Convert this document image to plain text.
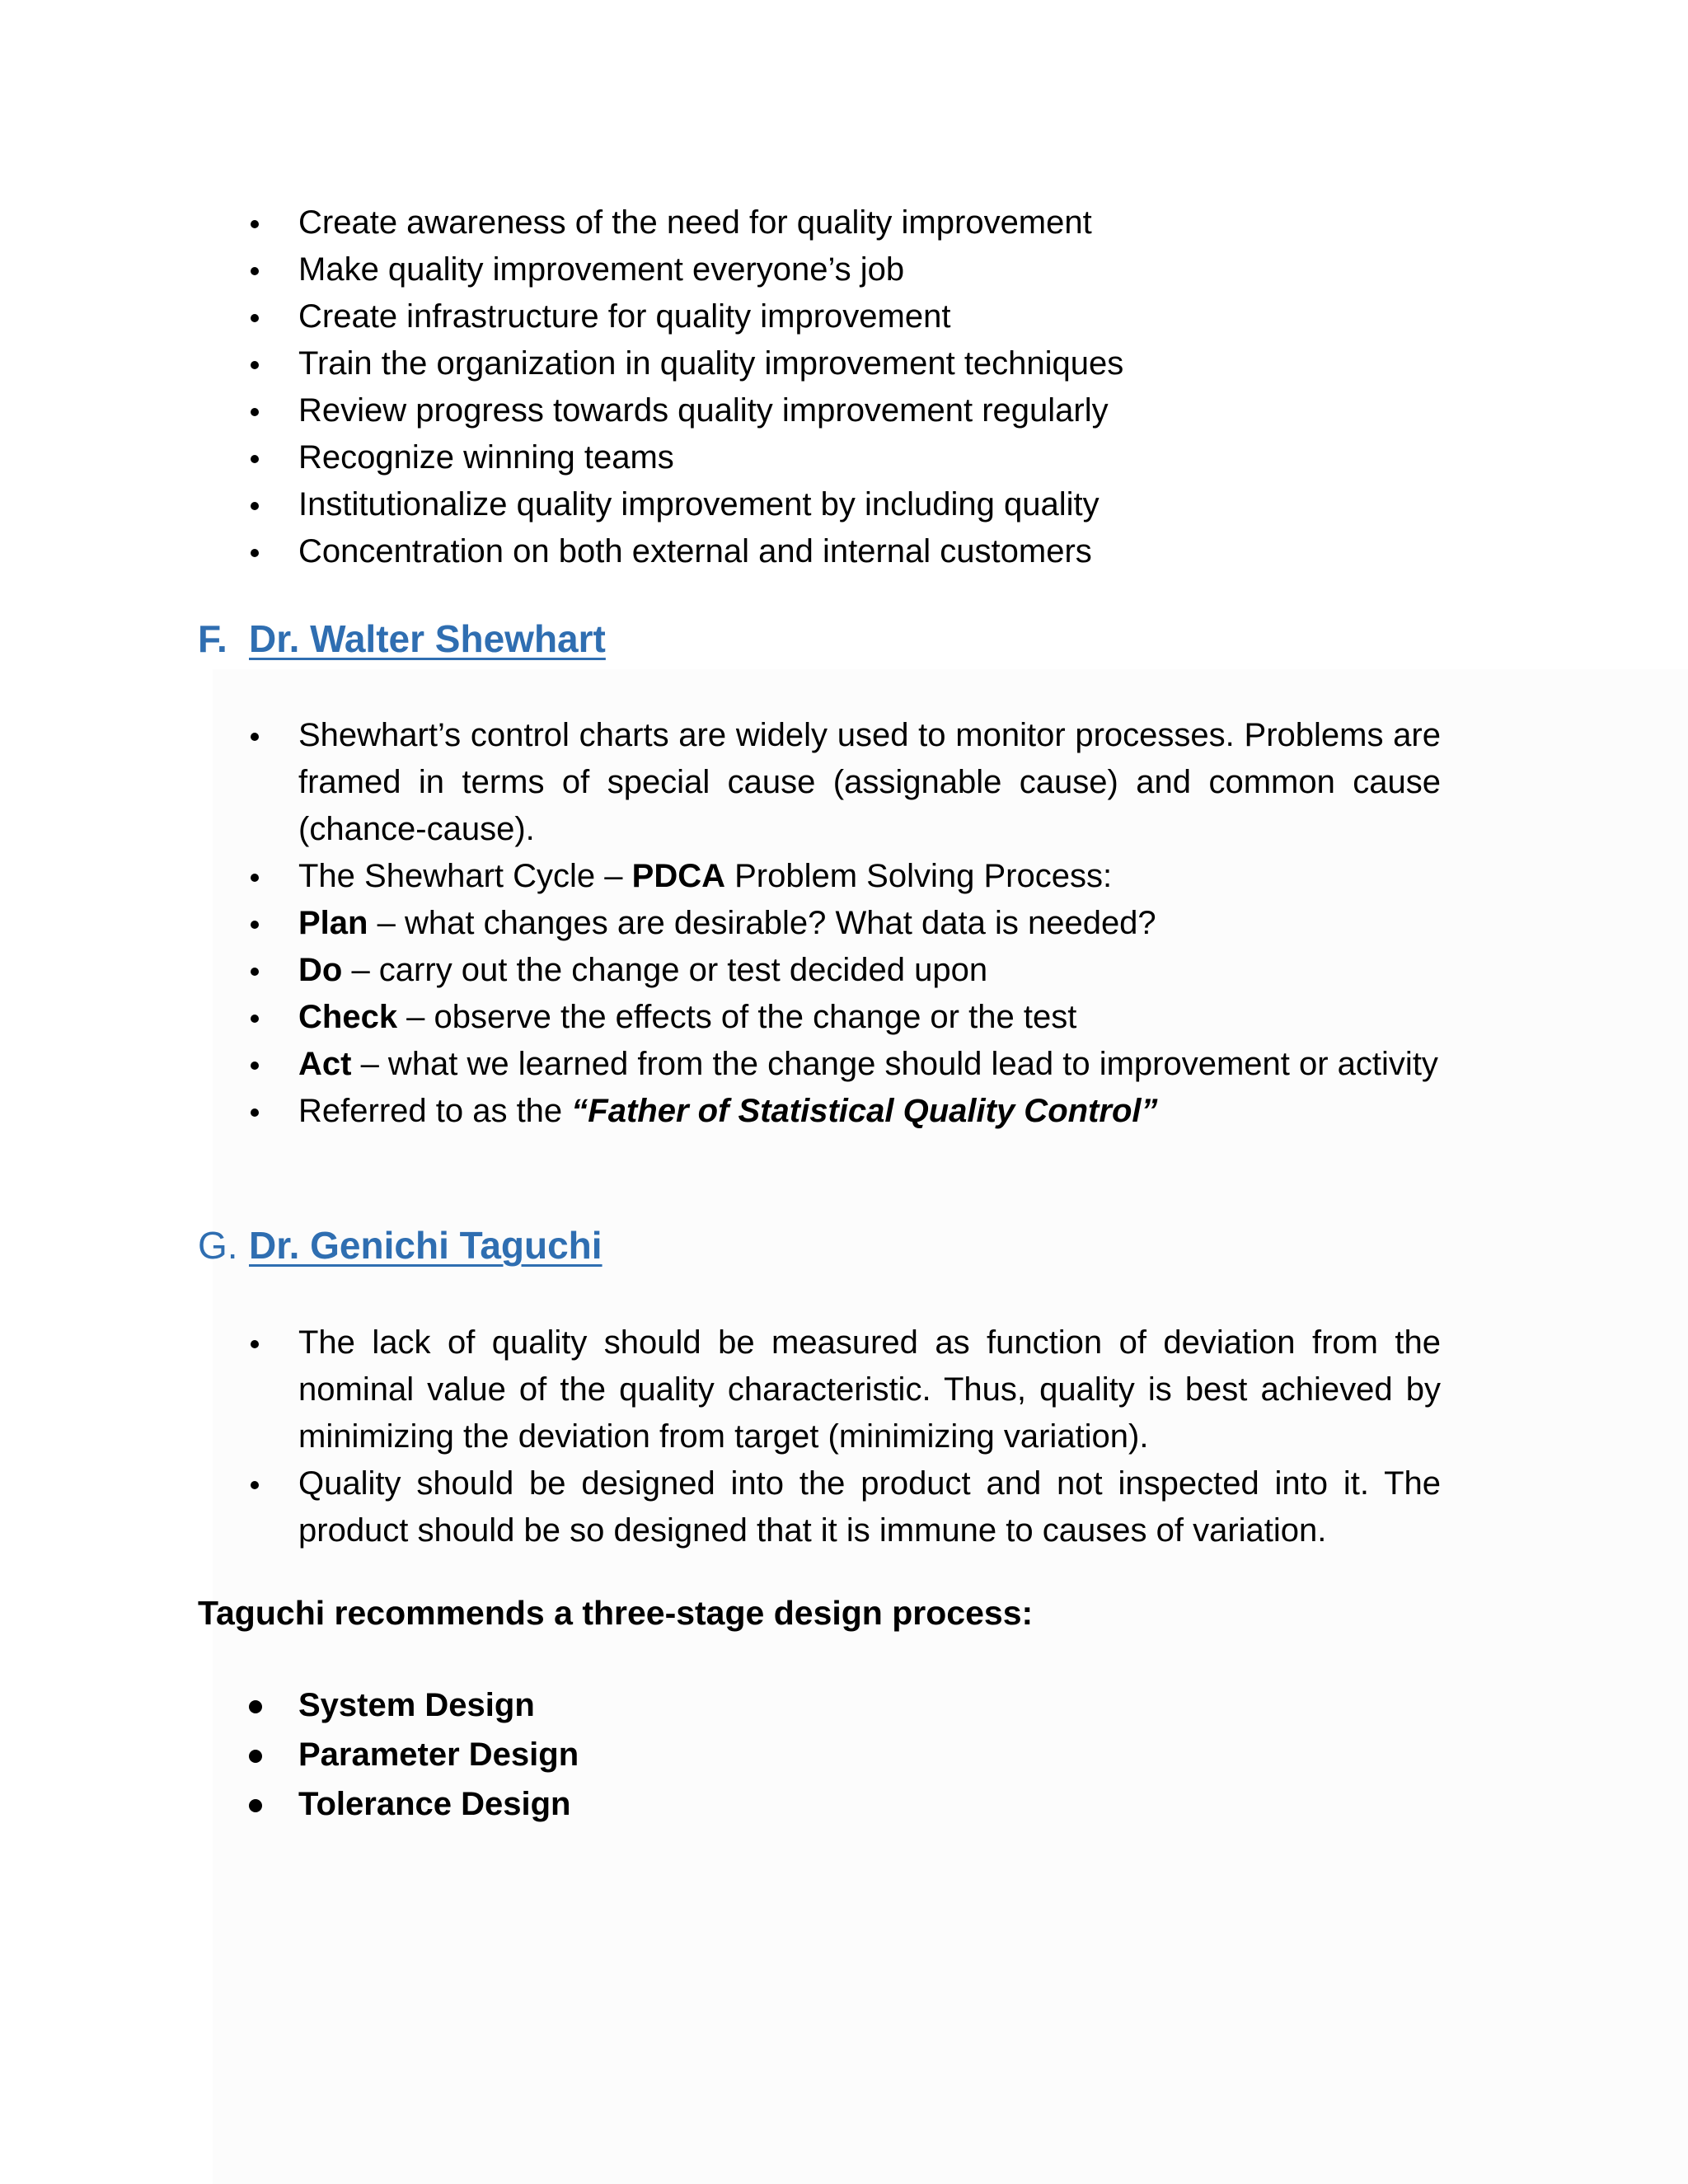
Create awareness of the need for quality improvement
Make quality improvement everyone’s job
Create infrastructure for quality improvement
Train the organization in quality improvement techniques
Review progress towards quality improvement regularly
Recognize winning teams
Institutionalize quality improvement by including quality
Concentration on both external and internal customers
F. Dr. Walter Shewhart
Shewhart’s control charts are widely used to monitor processes. Problems are framed in terms of special cause (assignable cause) and common cause (chance-cause).
The Shewhart Cycle – PDCA Problem Solving Process:
Plan – what changes are desirable? What data is needed?
Do – carry out the change or test decided upon
Check – observe the effects of the change or the test
Act – what we learned from the change should lead to improvement or activity
Referred to as the “Father of Statistical Quality Control”
G. Dr. Genichi Taguchi
The lack of quality should be measured as function of deviation from the nominal value of the quality characteristic. Thus, quality is best achieved by minimizing the deviation from target (minimizing variation).
Quality should be designed into the product and not inspected into it. The product should be so designed that it is immune to causes of variation.
Taguchi recommends a three-stage design process:
System Design
Parameter Design
Tolerance Design
